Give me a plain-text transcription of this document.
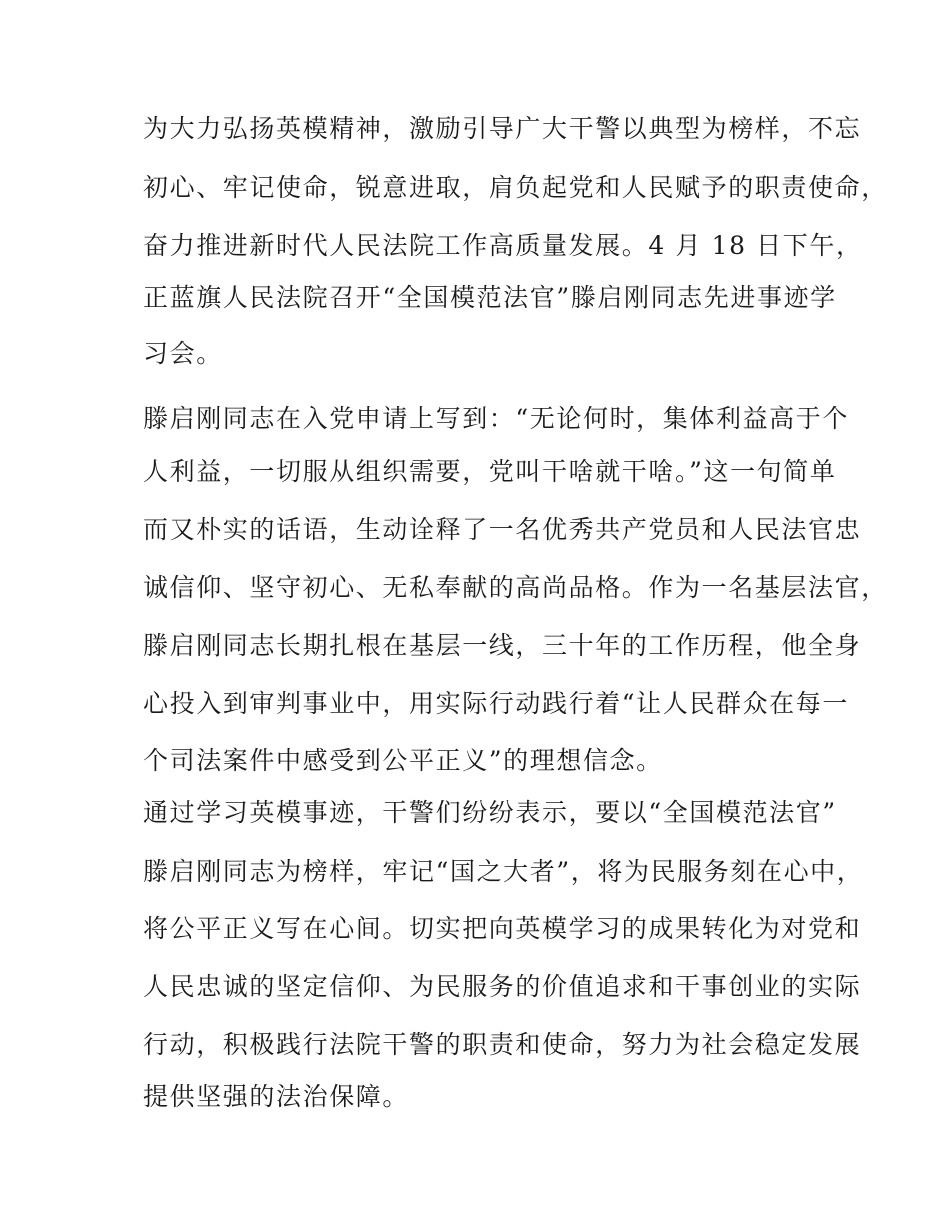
为大力弘扬英模精神，激励引导广大干警以典型为榜样，不忘

初心、牢记使命，锐意进取，肩负起党和人民赋予的职责使命，

奋力推进新时代人民法院工作高质量发展。4 月 18 日下午，

正蓝旗人民法院召开“全国模范法官”滕启刚同志先进事迹学

习会。

滕启刚同志在入党申请上写到：“无论何时，集体利益高于个

人利益，一切服从组织需要，党叫干啥就干啥。”这一句简单

而又朴实的话语，生动诠释了一名优秀共产党员和人民法官忠

诚信仰、坚守初心、无私奉献的高尚品格。作为一名基层法官，

滕启刚同志长期扎根在基层一线，三十年的工作历程，他全身

心投入到审判事业中，用实际行动践行着“让人民群众在每一

个司法案件中感受到公平正义”的理想信念。

通过学习英模事迹，干警们纷纷表示，要以“全国模范法官”

滕启刚同志为榜样，牢记“国之大者”，将为民服务刻在心中，

将公平正义写在心间。切实把向英模学习的成果转化为对党和

人民忠诚的坚定信仰、为民服务的价值追求和干事创业的实际

行动，积极践行法院干警的职责和使命，努力为社会稳定发展

提供坚强的法治保障。
